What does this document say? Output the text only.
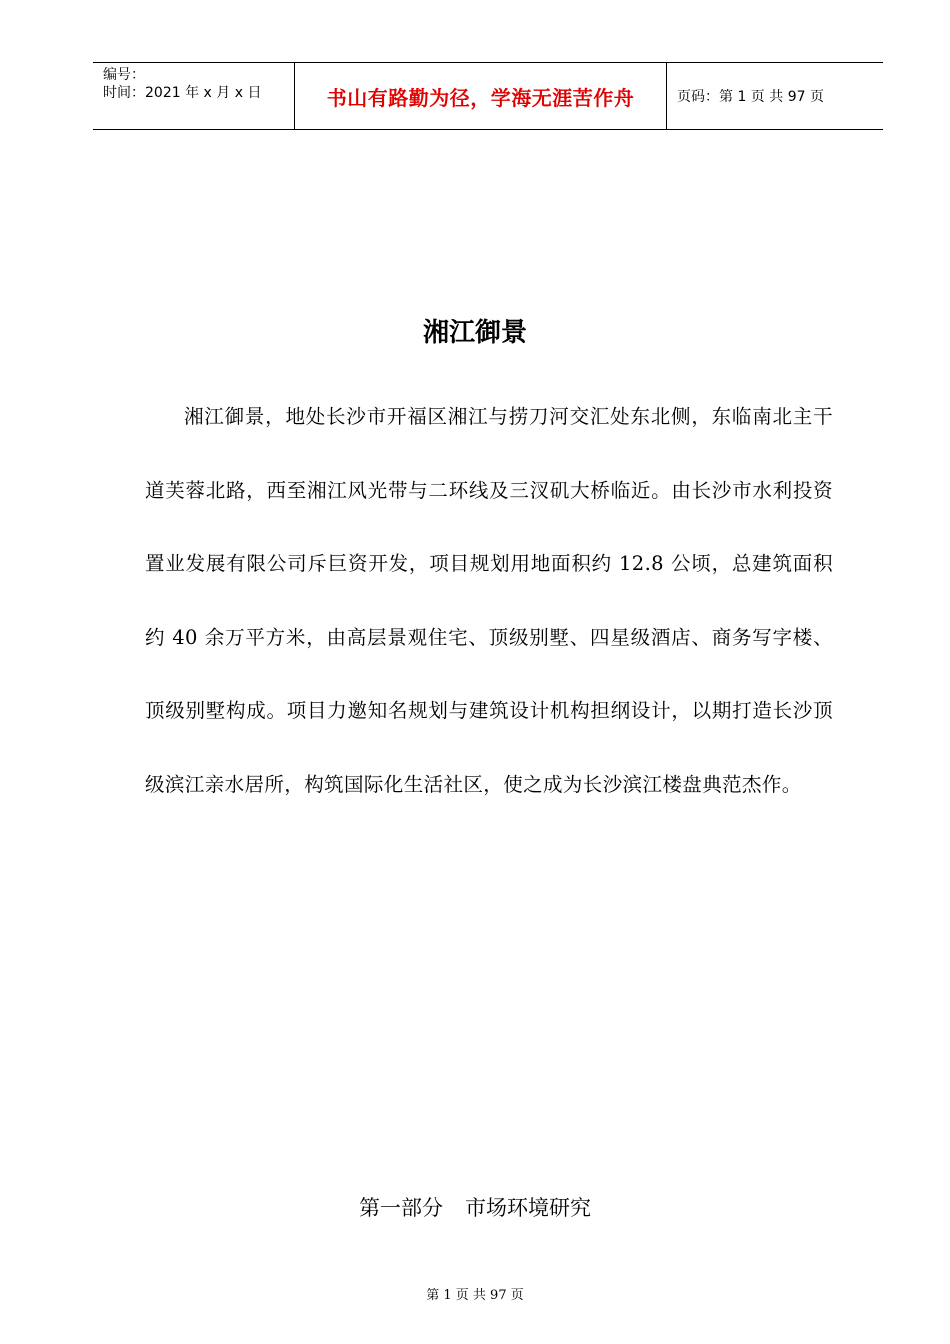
编号：
时间：2021 年 x 月 x 日	书山有路勤为径，学海无涯苦作舟	页码：第 1 页 共 97 页
湘江御景
湘江御景，地处长沙市开福区湘江与捞刀河交汇处东北侧，东临南北主干道芙蓉北路，西至湘江风光带与二环线及三汊矶大桥临近。由长沙市水利投资置业发展有限公司斥巨资开发，项目规划用地面积约 12.8 公顷，总建筑面积约 40 余万平方米，由高层景观住宅、顶级别墅、四星级酒店、商务写字楼、顶级别墅构成。项目力邀知名规划与建筑设计机构担纲设计，以期打造长沙顶级滨江亲水居所，构筑国际化生活社区，使之成为长沙滨江楼盘典范杰作。
第一部分 市场环境研究
第 1 页 共 97 页
